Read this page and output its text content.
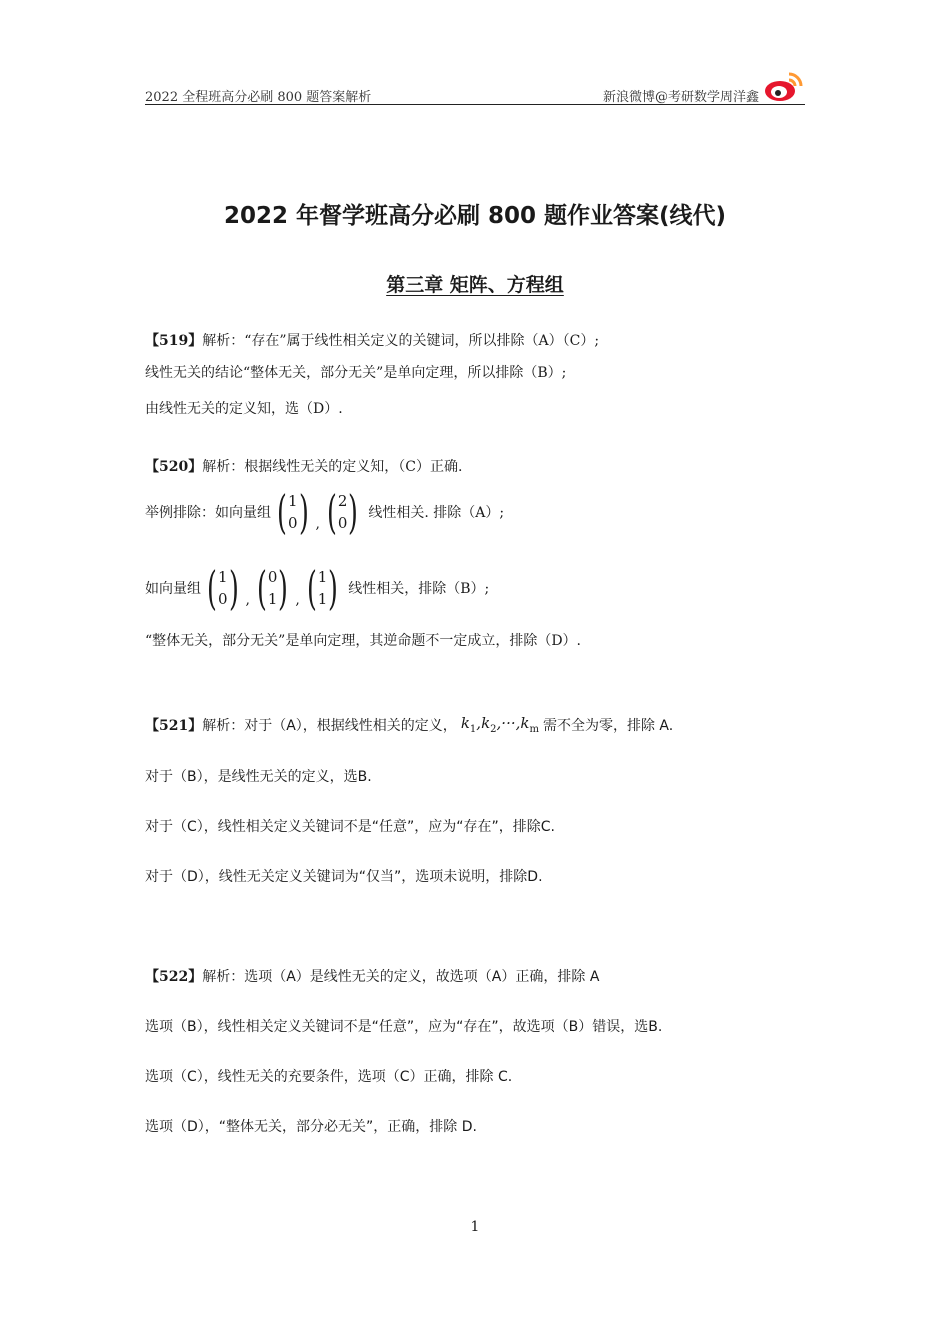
2022 全程班高分必刷 800 题答案解析	新浪微博@考研数学周洋鑫
2022 年督学班高分必刷 800 题作业答案(线代)
第三章 矩阵、方程组
【519】 解析：“存在”属于线性相关定义的关键词，所以排除（A）（C）;
线性无关的结论“整体无关，部分无关”是单向定理，所以排除（B）;
由线性无关的定义知，选（D）.
【520】 解析：根据线性无关的定义知，（C）正确.
举例排除：如向量组 ( 1
0 ) , ( 2
0 ) 线性相关. 排除（A）;
如向量组 ( 1
0 ) , ( 0
1 ) , ( 1
1 ) 线性相关，排除（B）;
“整体无关，部分无关”是单向定理，其逆命题不一定成立，排除（D）.
【521】 解析：对于（A），根据线性相关的定义， $k_1,k_2,\cdot\cdot\cdot,k_m$ 需不全为零，排除 A.
对于（B），是线性无关的定义，选B.
对于（C），线性相关定义关键词不是“任意”，应为“存在”，排除C.
对于（D），线性无关定义关键词为“仅当”，选项未说明，排除D.
【522】 解析：选项（A）是线性无关的定义，故选项（A）正确，排除 A
选项（B），线性相关定义关键词不是“任意”，应为“存在”，故选项（B）错误，选B.
选项（C），线性无关的充要条件，选项（C）正确，排除 C.
选项（D），“整体无关，部分必无关”，正确，排除 D.
1
